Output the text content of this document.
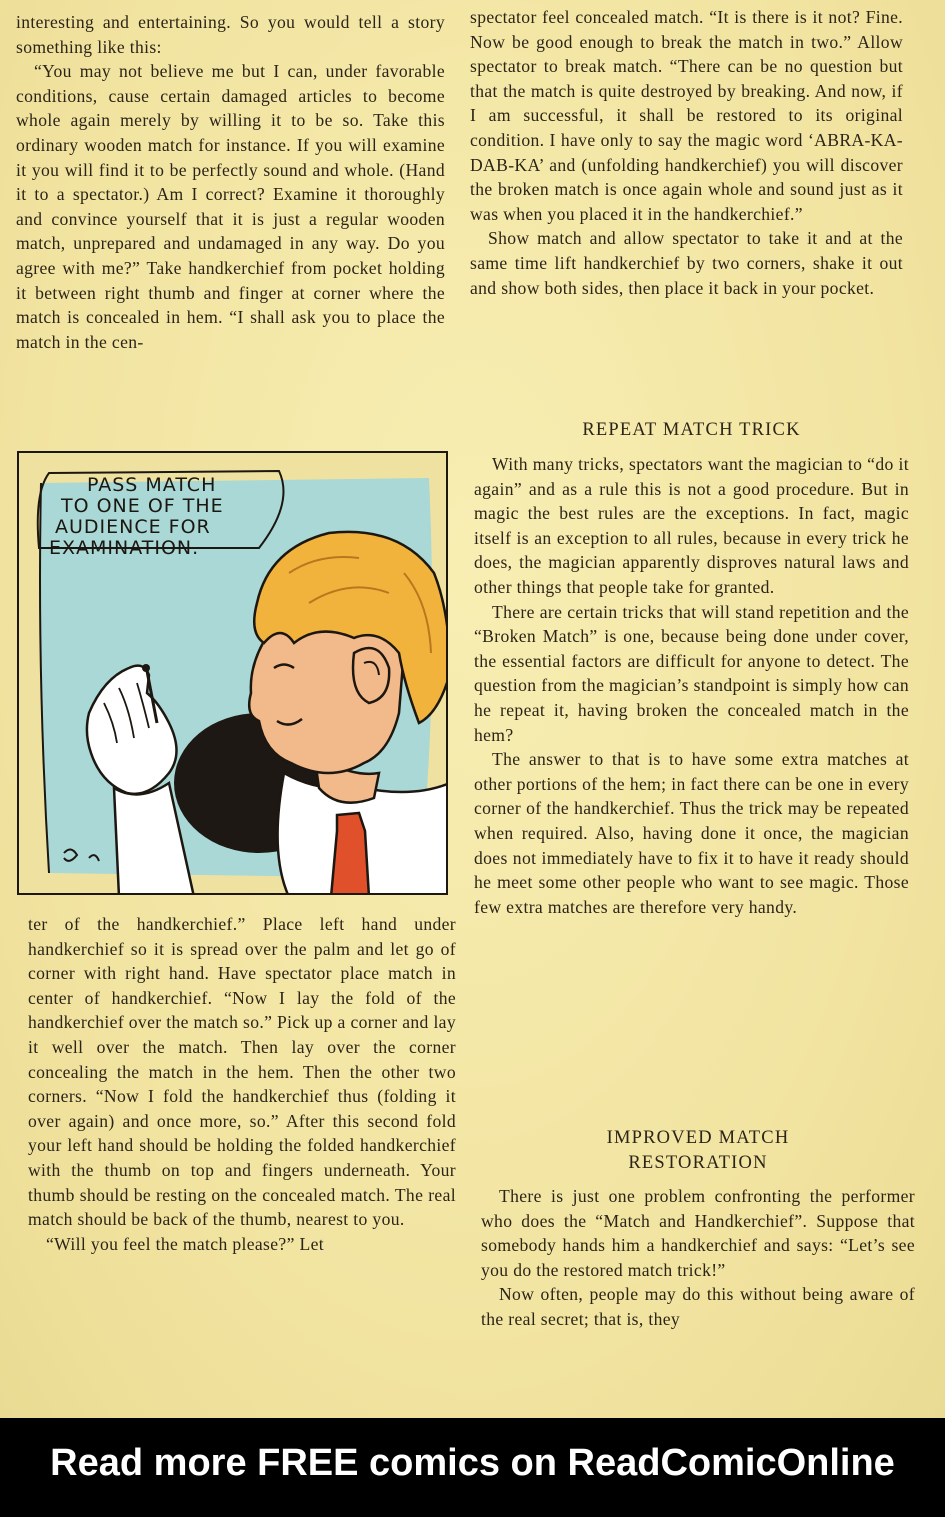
interesting and entertaining. So you would tell a story something like this:

“You may not believe me but I can, under favorable conditions, cause certain damaged articles to become whole again merely by willing it to be so. Take this ordinary wooden match for instance. If you will examine it you will find it to be perfectly sound and whole. (Hand it to a spectator.) Am I correct? Examine it thoroughly and convince yourself that it is just a regular wooden match, unprepared and undamaged in any way. Do you agree with me?” Take handkerchief from pocket holding it between right thumb and finger at corner where the match is concealed in hem. “I shall ask you to place the match in the cen-

PASS MATCH
TO ONE OF THE
AUDIENCE FOR
EXAMINATION.

ter of the handkerchief.” Place left hand under handkerchief so it is spread over the palm and let go of corner with right hand. Have spectator place match in center of handkerchief. “Now I lay the fold of the handkerchief over the match so.” Pick up a corner and lay it well over the match. Then lay over the corner concealing the match in the hem. Then the other two corners. “Now I fold the handkerchief thus (folding it over again) and once more, so.” After this second fold your left hand should be holding the folded handkerchief with the thumb on top and fingers underneath. Your thumb should be resting on the concealed match. The real match should be back of the thumb, nearest to you.

“Will you feel the match please?” Let

spectator feel concealed match. “It is there is it not? Fine. Now be good enough to break the match in two.” Allow spectator to break match. “There can be no question but that the match is quite destroyed by breaking. And now, if I am successful, it shall be restored to its original condition. I have only to say the magic word ‘ABRA-KA-DAB-KA’ and (unfolding handkerchief) you will discover the broken match is once again whole and sound just as it was when you placed it in the handkerchief.”

Show match and allow spectator to take it and at the same time lift handkerchief by two corners, shake it out and show both sides, then place it back in your pocket.

REPEAT MATCH TRICK

With many tricks, spectators want the magician to “do it again” and as a rule this is not a good procedure. But in magic the best rules are the exceptions. In fact, magic itself is an exception to all rules, because in every trick he does, the magician apparently disproves natural laws and other things that people take for granted.

There are certain tricks that will stand repetition and the “Broken Match” is one, because being done under cover, the essential factors are difficult for anyone to detect. The question from the magician’s standpoint is simply how can he repeat it, having broken the concealed match in the hem?

The answer to that is to have some extra matches at other portions of the hem; in fact there can be one in every corner of the handkerchief. Thus the trick may be repeated when required. Also, having done it once, the magician does not immediately have to fix it to have it ready should he meet some other people who want to see magic. Those few extra matches are therefore very handy.

IMPROVED MATCH
RESTORATION

There is just one problem confronting the performer who does the “Match and Handkerchief”. Suppose that somebody hands him a handkerchief and says: “Let’s see you do the restored match trick!”

Now often, people may do this without being aware of the real secret; that is, they

Read more FREE comics on ReadComicOnline
